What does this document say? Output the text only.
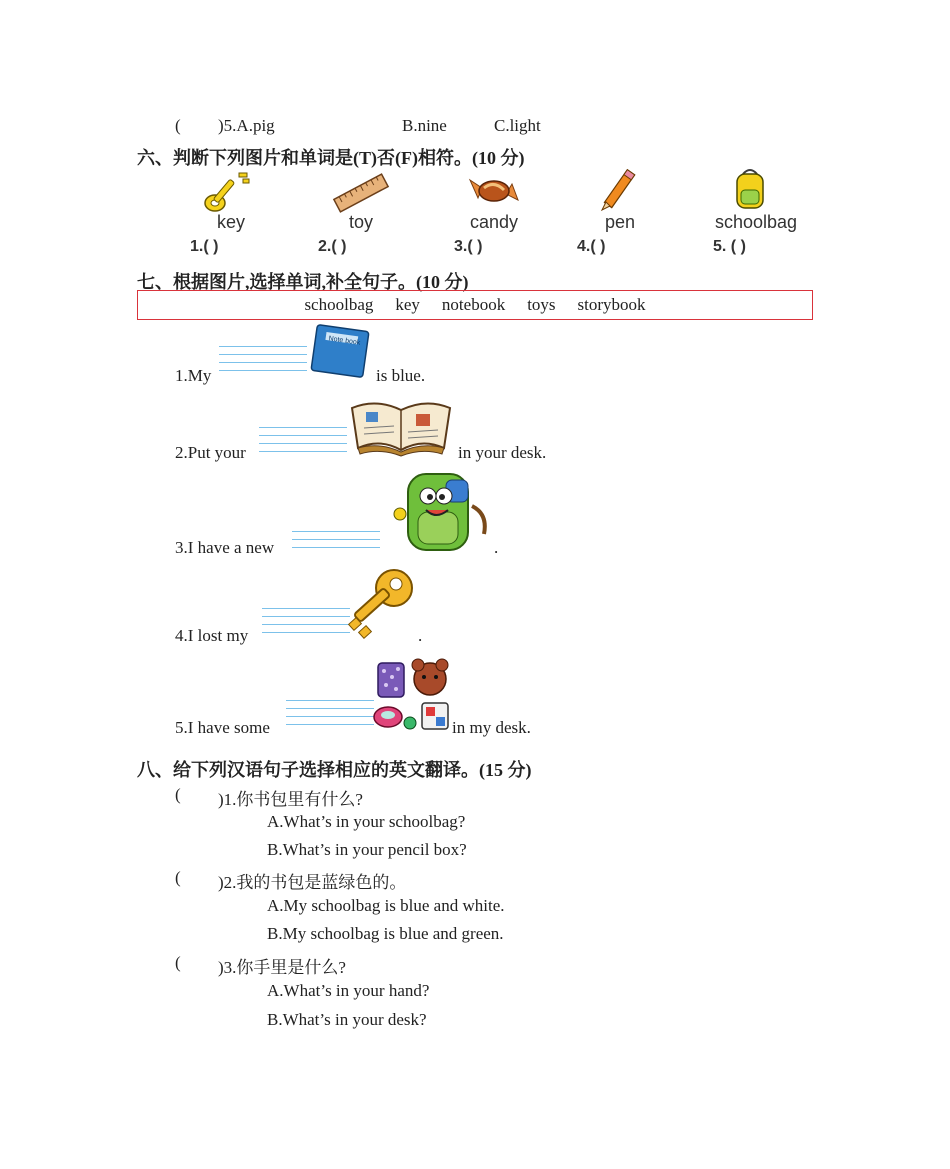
( )5.A.pig	B.nine	C.light
六、判断下列图片和单词是(T)否(F)相符。(10 分)
key	toy	candy	pen	schoolbag
1.( )	2.( )	3.( )	4.( )	5. ( )
七、根据图片,选择单词,补全句子。(10 分)
schoolbag key notebook toys storybook
1.My
Note book
is blue.
2.Put your	in your desk.
3.I have a new	.
4.I lost my	.
5.I have some	in my desk.
八、给下列汉语句子选择相应的英文翻译。(15 分)
( )1.你书包里有什么?
A.What’s in your schoolbag?
B.What’s in your pencil box?
( )2.我的书包是蓝绿色的。
A.My schoolbag is blue and white.
B.My schoolbag is blue and green.
( )3.你手里是什么?
A.What’s in your hand?
B.What’s in your desk?
